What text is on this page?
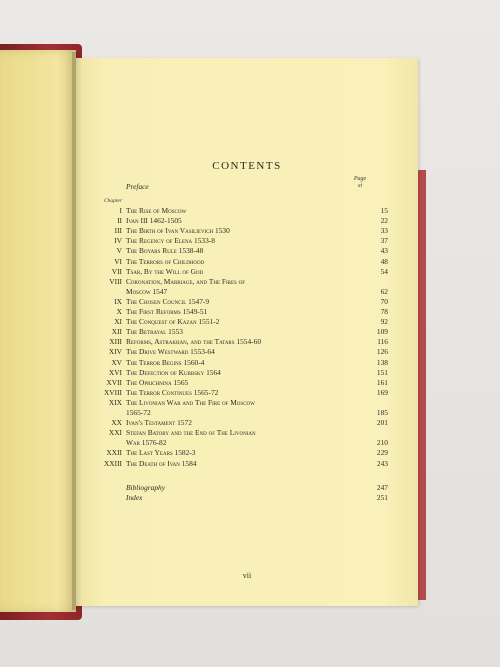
CONTENTS
Page
xi
Preface
Chapter
I The Rise of Moscow	15
II Ivan III 1462-1505	22
III The Birth of Ivan Vasilievich 1530	33
IV The Regency of Elena 1533-8	37
V The Boyars Rule 1538-48	43
VI The Terrors of Childhood	48
VII Tsar, By the Will of God	54
VIII Coronation, Marriage, and The Fires of
Moscow 1547	62
IX The Chosen Council 1547-9	70
X The First Reforms 1549-51	78
XI The Conquest of Kazan 1551-2	92
XII The Betrayal 1553	109
XIII Reforms, Astrakhan, and the Tatars 1554-60	116
XIV The Drive Westward 1553-64	126
XV The Terror Begins 1560-4	138
XVI The Defection of Kurbsky 1564	151
XVII The Oprichnina 1565	161
XVIII The Terror Continues 1565-72	169
XIX The Livonian War and The Fire of Moscow
1565-72	185
XX Ivan's Testament 1572	201
XXI Stefan Batory and the End of The Livonian
War 1576-82	210
XXII The Last Years 1582-3	229
XXIII The Death of Ivan 1584	243
Bibliography	247
Index	251
vii
